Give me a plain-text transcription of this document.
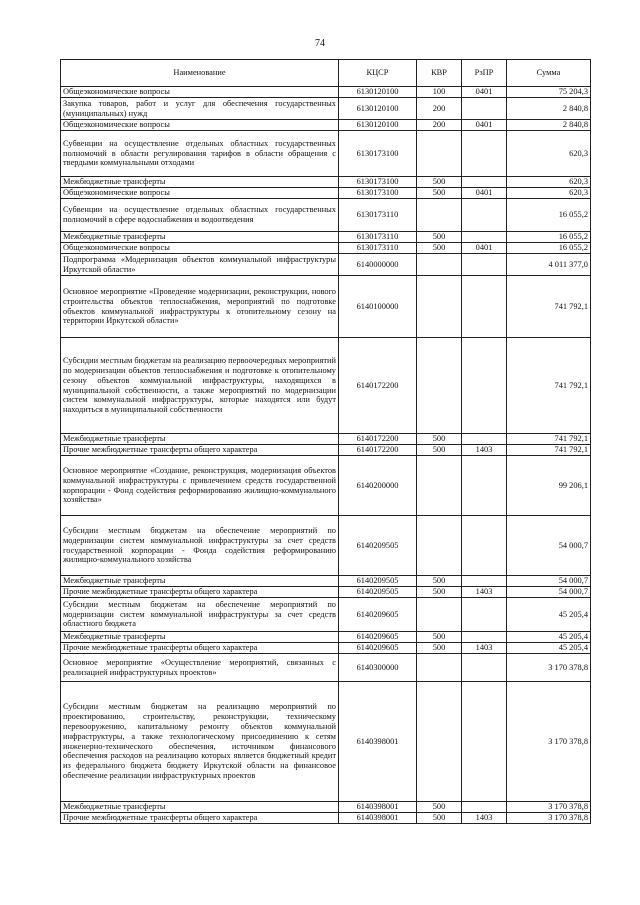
74
Наименование	КЦСР	КВР	РзПР	Сумма
Общеэкономические вопросы	6130120100	100	0401	75 204,3
Закупка товаров, работ и услуг для обеспечения государственных (муниципальных) нужд	6130120100	200		2 840,8
Общеэкономические вопросы	6130120100	200	0401	2 840,8
Субвенции на осуществление отдельных областных государственных полномочий в области регулирования тарифов в области обращения с твердыми коммунальными отходами	6130173100			620,3
Межбюджетные трансферты	6130173100	500		620,3
Общеэкономические вопросы	6130173100	500	0401	620,3
Субвенции на осуществление отдельных областных государственных полномочий в сфере водоснабжения и водоотведения	6130173110			16 055,2
Межбюджетные трансферты	6130173110	500		16 055,2
Общеэкономические вопросы	6130173110	500	0401	16 055,2
Подпрограмма «Модернизация объектов коммунальной инфраструктуры Иркутской области»	6140000000			4 011 377,0
Основное мероприятие «Проведение модернизации, реконструкции, нового строительства объектов теплоснабжения, мероприятий по подготовке объектов коммунальной инфраструктуры к отопительному сезону на территории Иркутской области»	6140100000			741 792,1
Субсидии местным бюджетам на реализацию первоочередных мероприятий по модернизации объектов теплоснабжения и подготовке к отопительному сезону объектов коммунальной инфраструктуры, находящихся в муниципальной собственности, а также мероприятий по модернизации систем коммунальной инфраструктуры, которые находятся или будут находиться в муниципальной собственности	6140172200			741 792,1
Межбюджетные трансферты	6140172200	500		741 792,1
Прочие межбюджетные трансферты общего характера	6140172200	500	1403	741 792,1
Основное мероприятие «Создание, реконструкция, модернизация объектов коммунальной инфраструктуры с привлечением средств государственной корпорации - Фонд содействия реформированию жилищно-коммунального хозяйства»	6140200000			99 206,1
Субсидии местным бюджетам на обеспечение мероприятий по модернизации систем коммунальной инфраструктуры за счет средств государственной корпорации - Фонда содействия реформированию жилищно-коммунального хозяйства	6140209505			54 000,7
Межбюджетные трансферты	6140209505	500		54 000,7
Прочие межбюджетные трансферты общего характера	6140209505	500	1403	54 000,7
Субсидии местным бюджетам на обеспечение мероприятий по модернизации систем коммунальной инфраструктуры за счет средств областного бюджета	6140209605			45 205,4
Межбюджетные трансферты	6140209605	500		45 205,4
Прочие межбюджетные трансферты общего характера	6140209605	500	1403	45 205,4
Основное мероприятие «Осуществление мероприятий, связанных с реализацией инфраструктурных проектов»	6140300000			3 170 378,8
Субсидии местным бюджетам на реализацию мероприятий по проектированию, строительству, реконструкции, техническому перевооружению, капитальному ремонту объектов коммунальной инфраструктуры, а также технологическому присоединению к сетям инженерно-технического обеспечения, источником финансового обеспечения расходов на реализацию которых является бюджетный кредит из федерального бюджета бюджету Иркутской области на финансовое обеспечение реализации инфраструктурных проектов	6140398001			3 170 378,8
Межбюджетные трансферты	6140398001	500		3 170 378,8
Прочие межбюджетные трансферты общего характера	6140398001	500	1403	3 170 378,8
